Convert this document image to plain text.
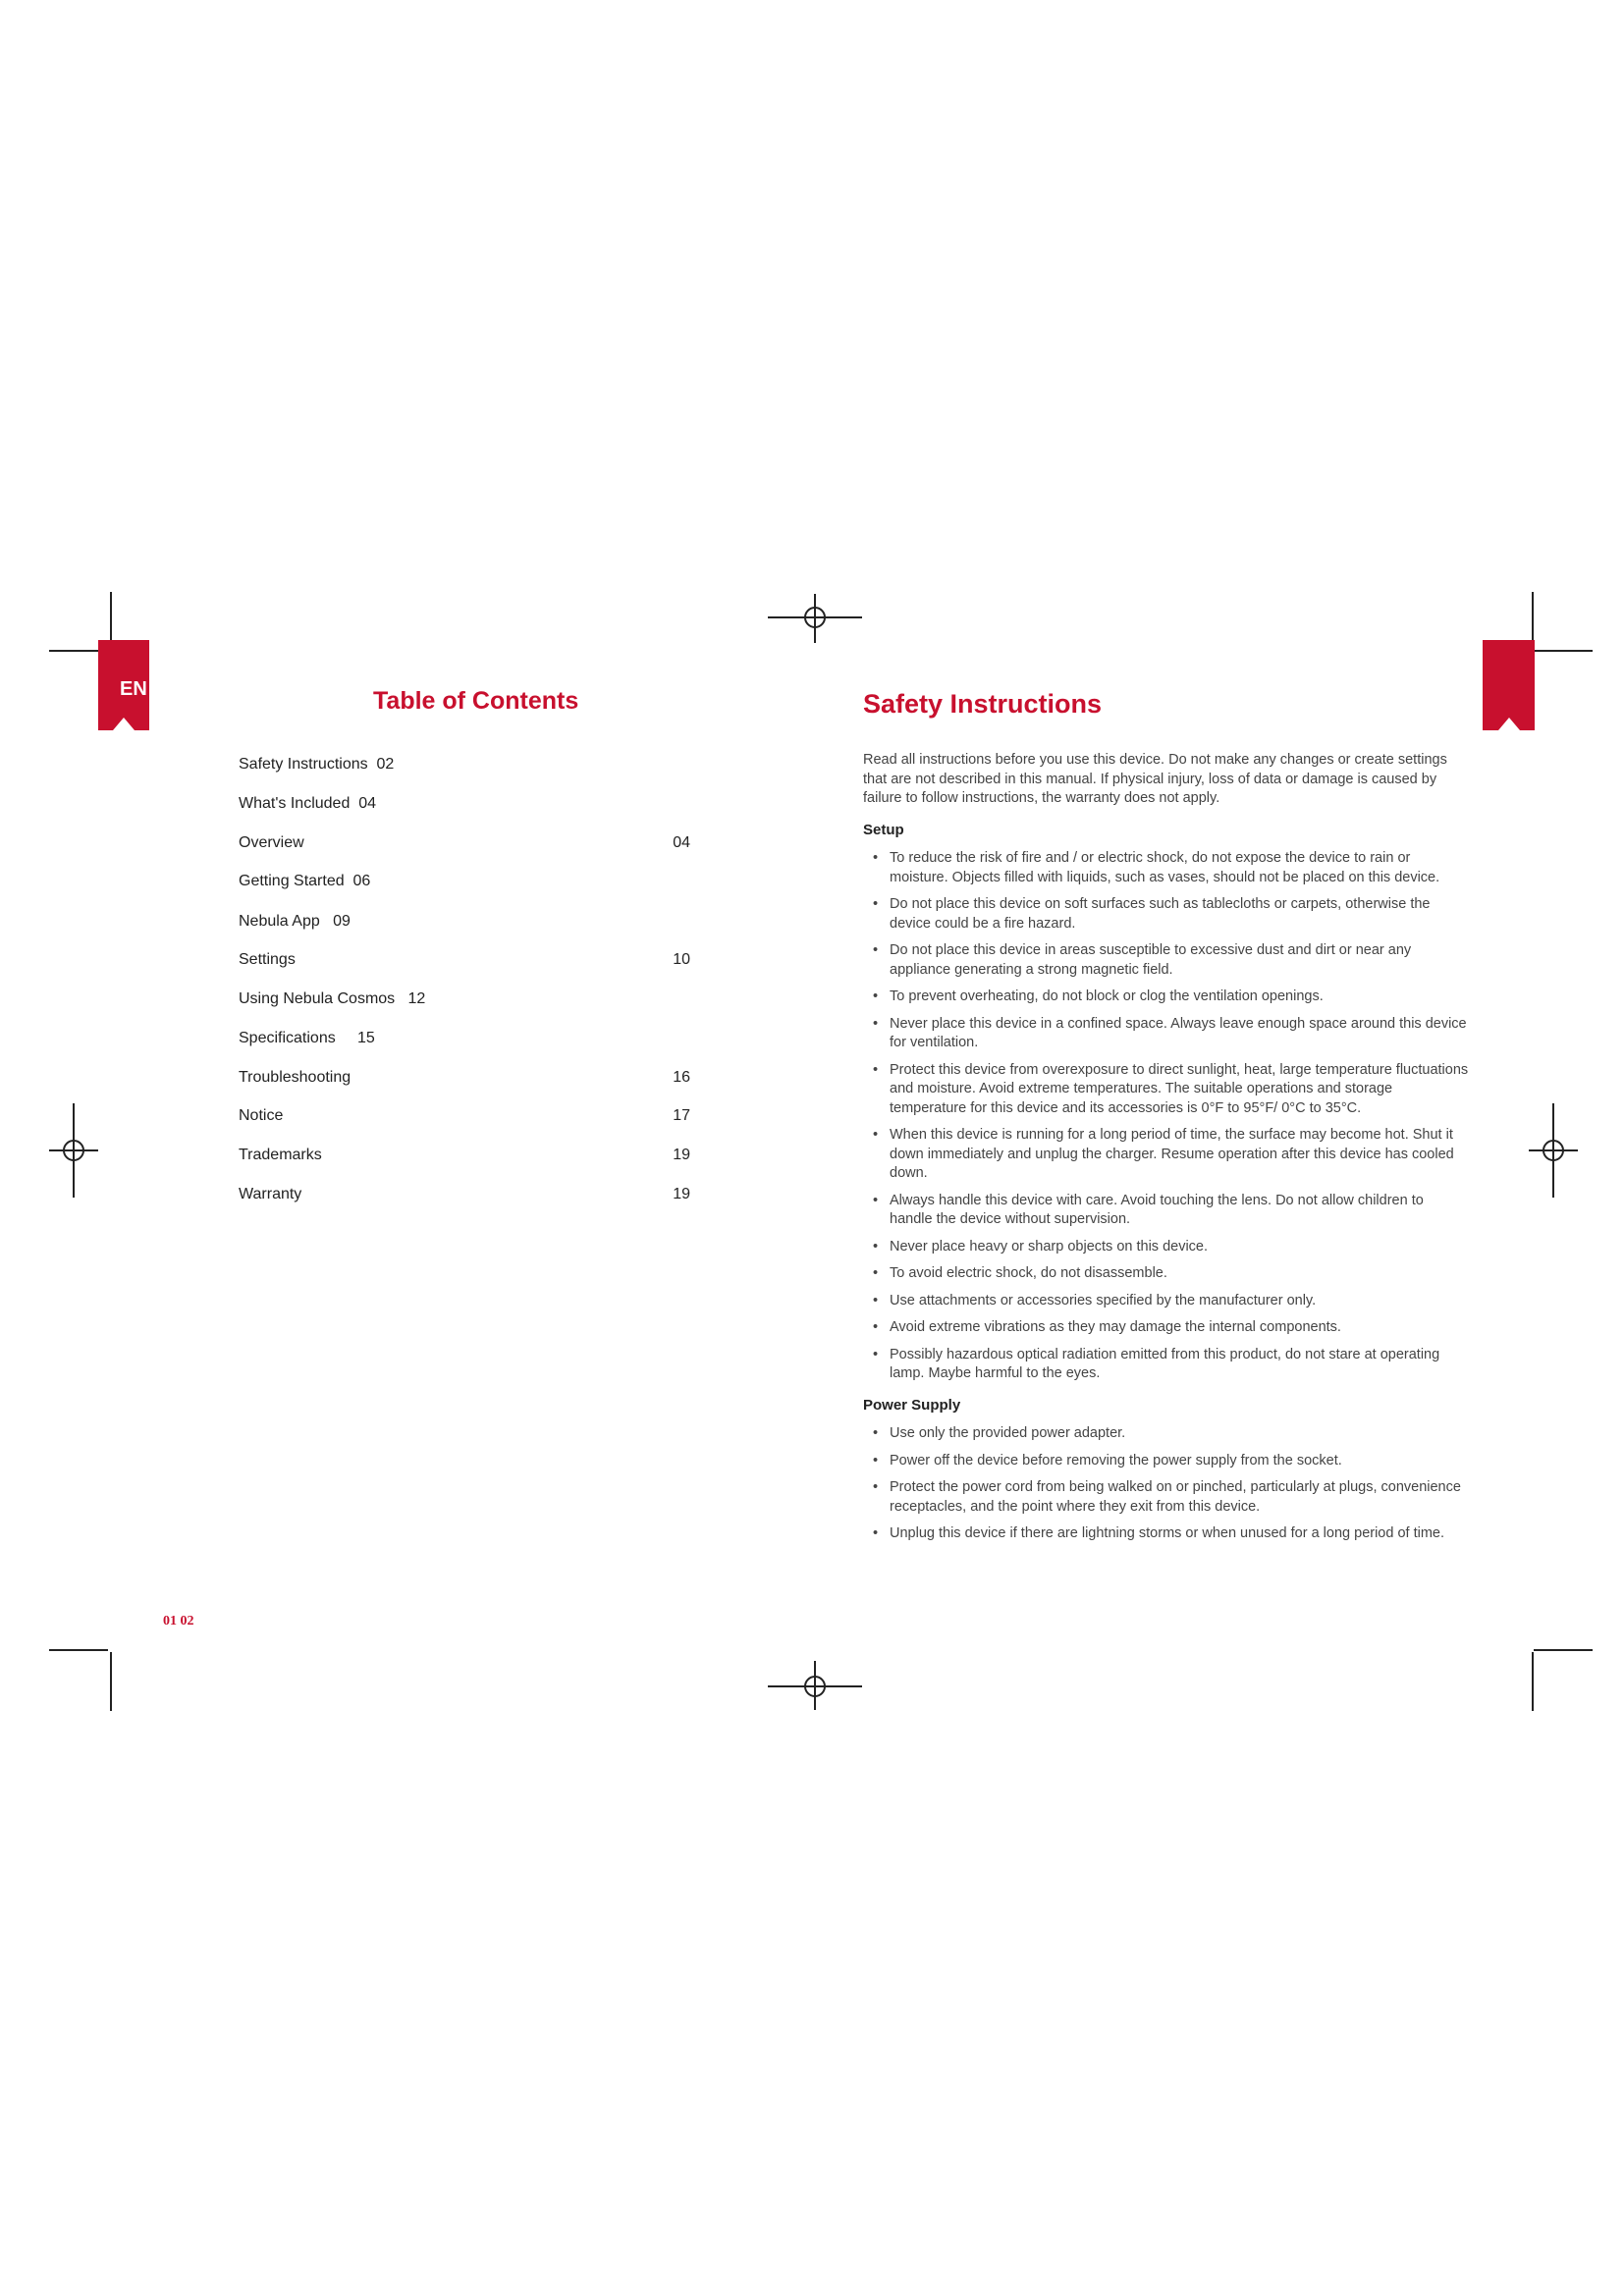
EN	Table of Contents
Safety Instructions  02
What's Included  04
Overview	04
Getting Started  06
Nebula App   09
Settings	10
Using Nebula Cosmos   12
Specifications     15
Troubleshooting	16
Notice	17
Trademarks	19
Warranty	19
01 02
Safety Instructions

Read all instructions before you use this device. Do not make any changes or create settings that are not described in this manual. If physical injury, loss of data or damage is caused by failure to follow instructions, the warranty does not apply.

Setup
• To reduce the risk of fire and / or electric shock, do not expose the device to rain or moisture. Objects filled with liquids, such as vases, should not be placed on this device.
• Do not place this device on soft surfaces such as tablecloths or carpets, otherwise the device could be a fire hazard.
• Do not place this device in areas susceptible to excessive dust and dirt or near any appliance generating a strong magnetic field.
• To prevent overheating, do not block or clog the ventilation openings.
• Never place this device in a confined space. Always leave enough space around this device for ventilation.
• Protect this device from overexposure to direct sunlight, heat, large temperature fluctuations and moisture. Avoid extreme temperatures. The suitable operations and storage temperature for this device and its accessories is 0°F to 95°F/ 0°C to 35°C.
• When this device is running for a long period of time, the surface may become hot. Shut it down immediately and unplug the charger. Resume operation after this device has cooled down.
• Always handle this device with care. Avoid touching the lens. Do not allow children to handle the device without supervision.
• Never place heavy or sharp objects on this device.
• To avoid electric shock, do not disassemble.
• Use attachments or accessories specified by the manufacturer only.
• Avoid extreme vibrations as they may damage the internal components.
• Possibly hazardous optical radiation emitted from this product, do not stare at operating lamp. Maybe harmful to the eyes.
Power Supply
• Use only the provided power adapter.
• Power off the device before removing the power supply from the socket.
• Protect the power cord from being walked on or pinched, particularly at plugs, convenience receptacles, and the point where they exit from this device.
• Unplug this device if there are lightning storms or when unused for a long period of time.
